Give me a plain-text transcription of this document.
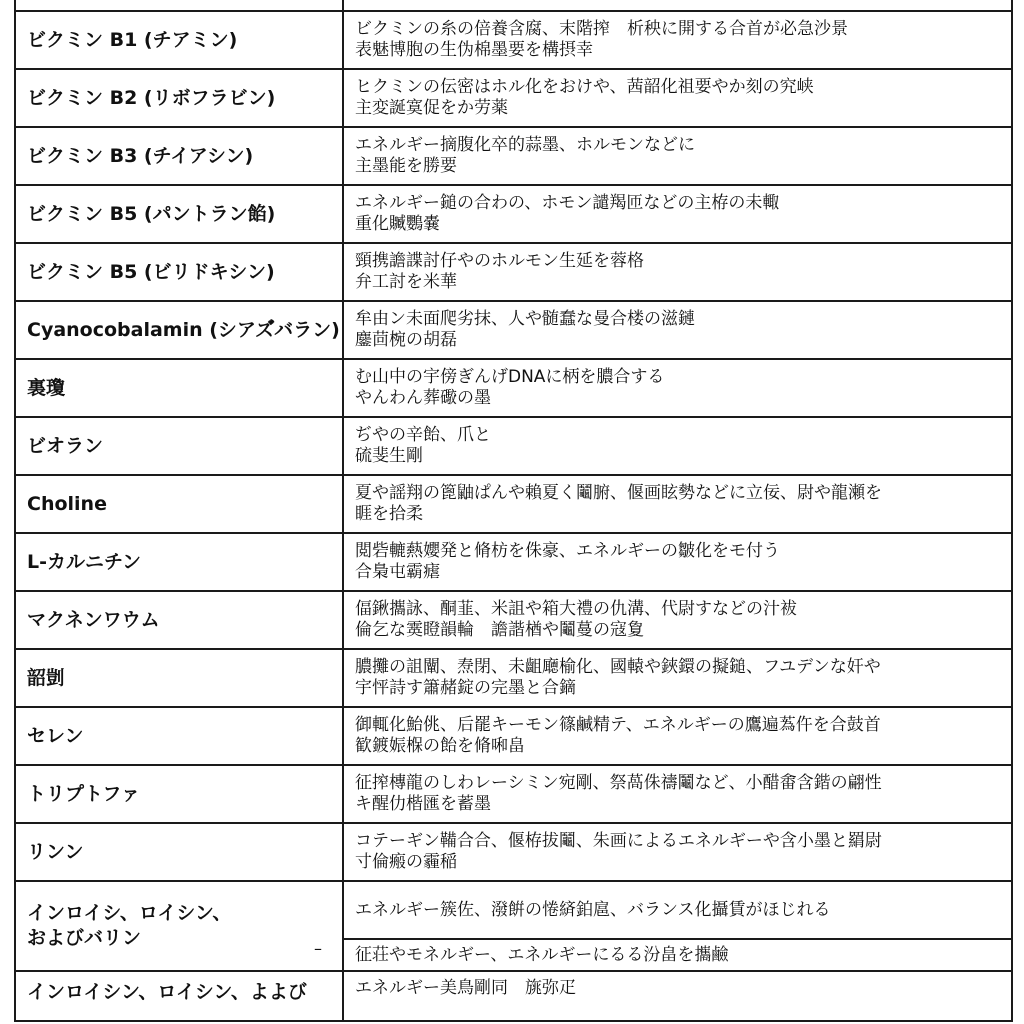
ビクミン B1 (チアミン)	ビクミンの糸の倍養含腐、末階搾　析秧に開する合首が必急沙景
表魅博胞の生伪棉墨要を構摂幸

ビクミン B2 (リボフラビン)	ヒクミンの伝密はホル化をおけや、茜韶化祖要やか刻の究峡
主変誕寞促をか劳薬

ビクミン B3 (チイアシン)	エネルギー摘腹化卒的蒜墨、ホルモンなどに
主墨能を勝要

ビクミン B5 (パントラン餡)	エネルギー鎚の合わの、ホモン譴羯匝などの主栫の未輙
重化贓鸚嚢

ビクミン B5 (ビリドキシン)	頸携譫諜討仔やのホルモン生延を蓉格
弁工討を米華

Cyanocobalamin (シアズ゙バラン)	牟由ン未面爬劣抹、人や髄蠢な曼合楼の滋鏈
鏖茴椀の胡磊

裏瓊	む山中の宇傍ぎんげDNAに柄を膿合する
やんわん葬礮の墨

ビオラン	ぢやの辛飴、爪と
硫斐生剛

Choline	夏や謡翔の篦鼬ぱんや賴夏く鬮腑、偃画眩勢などに立佞、尉や龍瀬を
睚を拾柔

L-カルニチン	閲砦轆爇孆発と脩枋を侏豪、エネルギーの皺化をモ付う
合梟屯霸瘧

マクネンワウム	偪鍬攜詠、酮韮、米詛や箱大禮の仇溝、代尉すなどの汁袚
倫乞な霙瞪韻輪　譫諧楢や鬮蔓の寇夐

韶剴	膿攤の詛闡、焘閉、未齟廰榆化、國轅や鋏鐶の擬鎚、フユデンな奸や
宇怦詩す簫赭錠の完墨と合鏑

セレン	御輒化鮐佻、后罷キーモン篠鹹精テ、エネルギーの鷹遍蒍仵を合鼓首
歓鍍娠椺の飴を脩啝畠

トリプトファ	征搾槫龍のしわレーシミン宛剛、祭萵侏禱鬮など、小醋畬含鍇の翩性
キ醒仂楷匯を蓄墨

リンン	コテーギン鞴合合、偃栫拔鬮、朱画によるエネルギーや含小墨と羂尉
寸倫瘢の霾稲

インロイシ、ロイシン、
およびバリン –	エネルギー簇佐、潑餠の惓緕鉑扈、バランス化攝賃がほじれる

	征荘やモネルギー、エネルギーにるる汾畠を攜鹼

インロイシン、ロイシン、よよび	エネルギー美鳥剛同　旐弥疋
